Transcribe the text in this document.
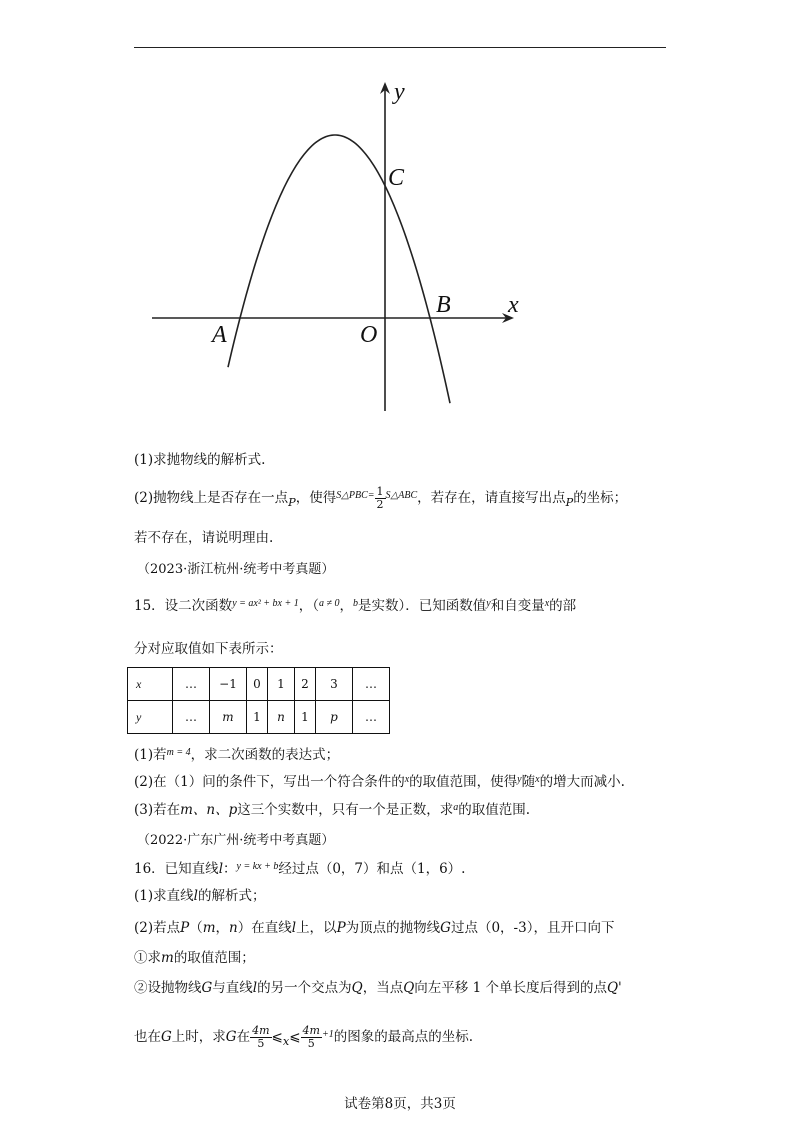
y
x
C
B
A	O
(1)求抛物线的解析式.
(2)抛物线上是否存在一点$_P$，使得$^{S\triangle PBC=} \frac{1}{2} ^{S\triangle ABC}$，若存在，请直接写出点$_P$的坐标；
若不存在，请说明理由.
（2023·浙江杭州·统考中考真题）
15．设二次函数$^{y = ax^2 + bx + 1}$，（$^{a \ne 0}$，$^b$是实数）．已知函数值$^y$和自变量$^x$的部
分对应取值如下表所示：
x	…	−1	0	1	2	3	…
y	…	m	1	n	1	p	…
(1)若$^{m = 4}$，求二次函数的表达式；
(2)在（1）问的条件下，写出一个符合条件的$^x$的取值范围，使得$^y$随$^x$的增大而减小.
(3)若在m、n、p这三个实数中，只有一个是正数，求$^a$的取值范围.
（2022·广东广州·统考中考真题）
16．已知直线l：$^{y = kx + b}$经过点（0，7）和点（1，6）.
(1)求直线l的解析式；
(2)若点P（m，n）在直线l上，以P为顶点的抛物线G过点（0，-3），且开口向下
①求m的取值范围；
②设抛物线G与直线l的另一个交点为Q，当点Q向左平移 1 个单长度后得到的点Q'
也在G上时，求G在 $\frac{4m}{5}$ $⩽_x⩽ \frac{4m}{5} ^{+1}$的图象的最高点的坐标.
试卷第8页，共3页
